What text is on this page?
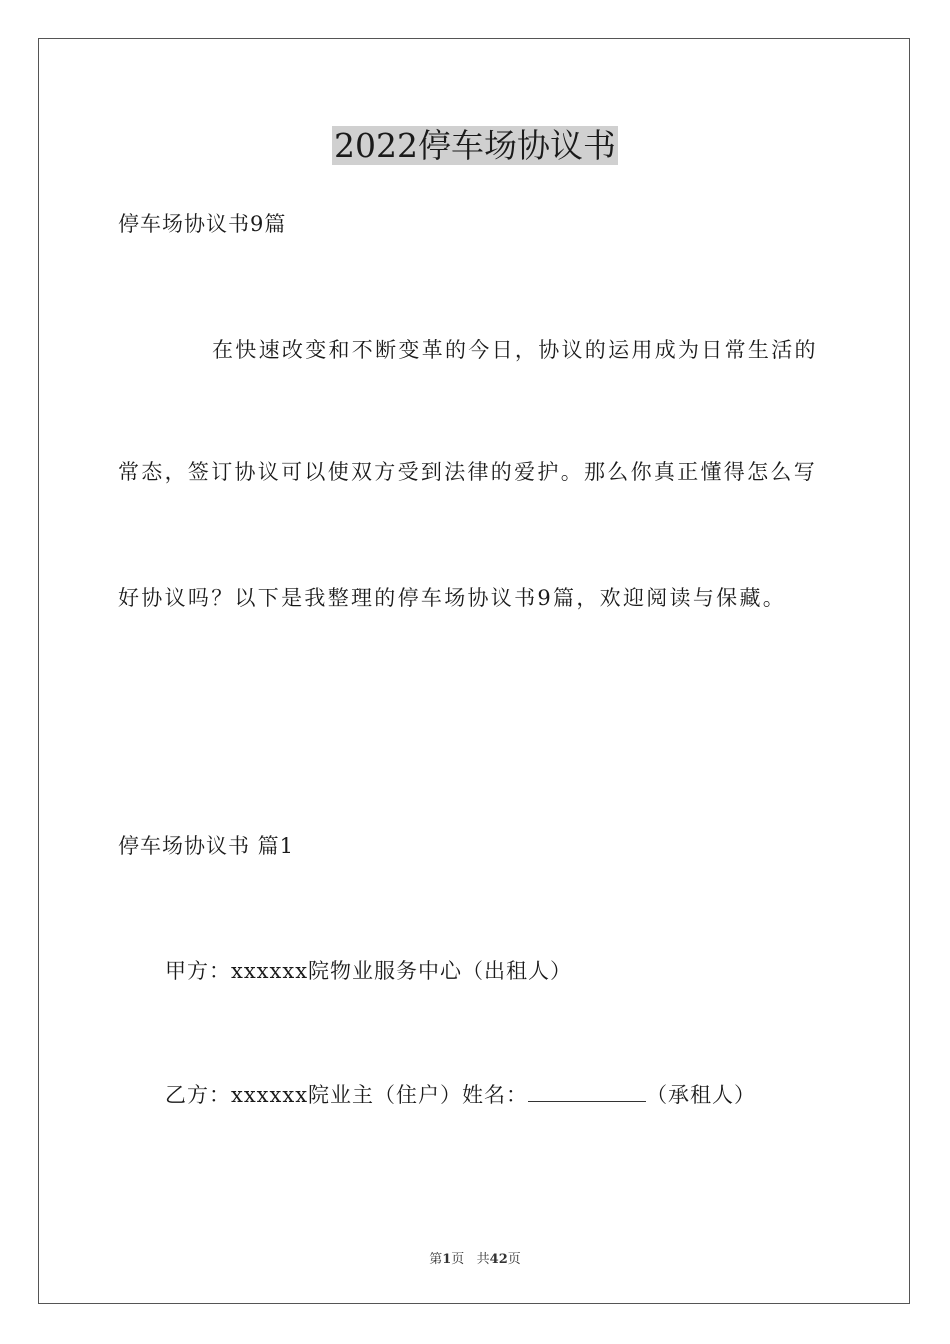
2022停车场协议书
停车场协议书9篇
在快速改变和不断变革的今日，协议的运用成为日常生活的
常态，签订协议可以使双方受到法律的爱护。那么你真正懂得怎么写
好协议吗？以下是我整理的停车场协议书9篇，欢迎阅读与保藏。
停车场协议书 篇1
甲方：xxxxxx院物业服务中心（出租人）
乙方：xxxxxx院业主（住户）姓名：	（承租人）
第1页   共42页
